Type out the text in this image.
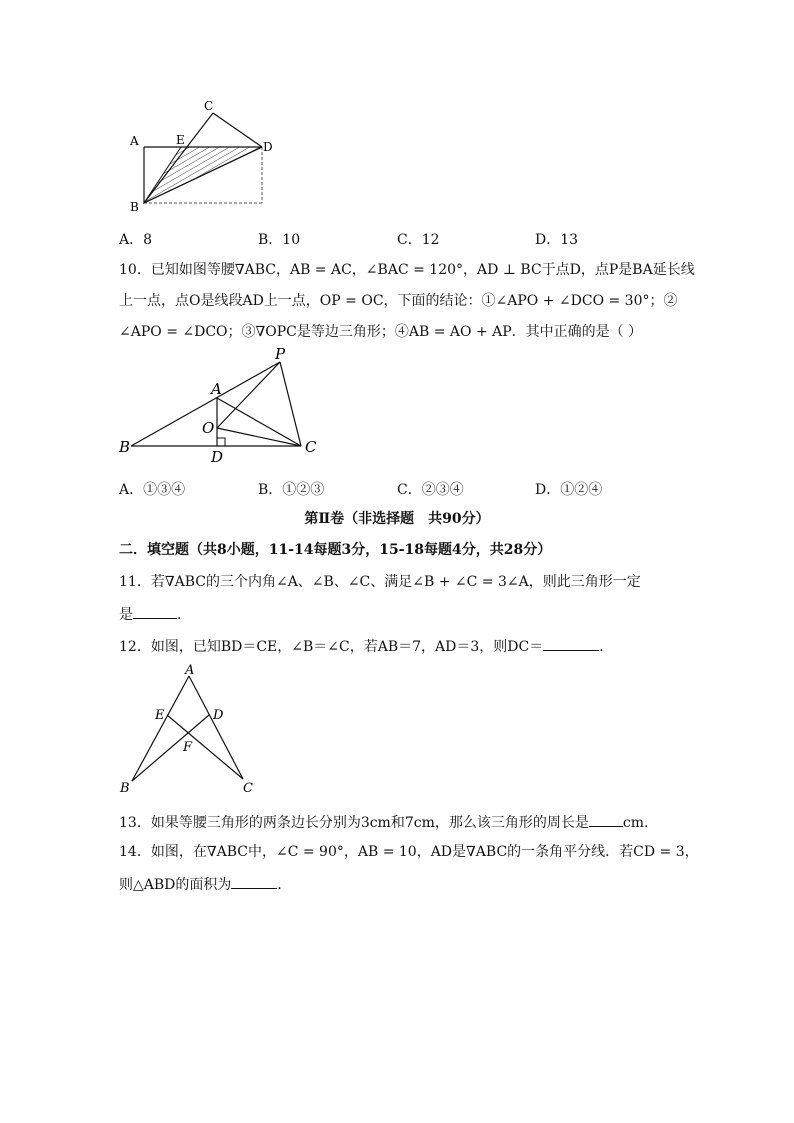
A
B
C
D
E
A．8	B．10	C．12	D．13
10．已知如图等腰∇ABC，AB = AC，∠BAC = 120°，AD ⊥ BC于点D，点P是BA延长线
上一点，点O是线段AD上一点，OP = OC，下面的结论：①∠APO + ∠DCO = 30°；②
∠APO = ∠DCO；③∇OPC是等边三角形；④AB = AO + AP．其中正确的是（ ）
P
A
O
B
D
C
A．①③④	B．①②③	C．②③④	D．①②④
第Ⅱ卷（非选择题　共90分）
二．填空题（共8小题，11-14每题3分，15-18每题4分，共28分）
11．若∇ABC的三个内角∠A、∠B、∠C、满足∠B + ∠C = 3∠A，则此三角形一定
是	．
12．如图，已知BD＝CE，∠B＝∠C，若AB＝7，AD＝3，则DC＝	．
A
E	D
F
B	C
13．如果等腰三角形的两条边长分别为3cm和7cm，那么该三角形的周长是 cm.
14．如图，在∇ABC中，∠C = 90°，AB = 10，AD是∇ABC的一条角平分线．若CD = 3，
则△ABD的面积为	．
